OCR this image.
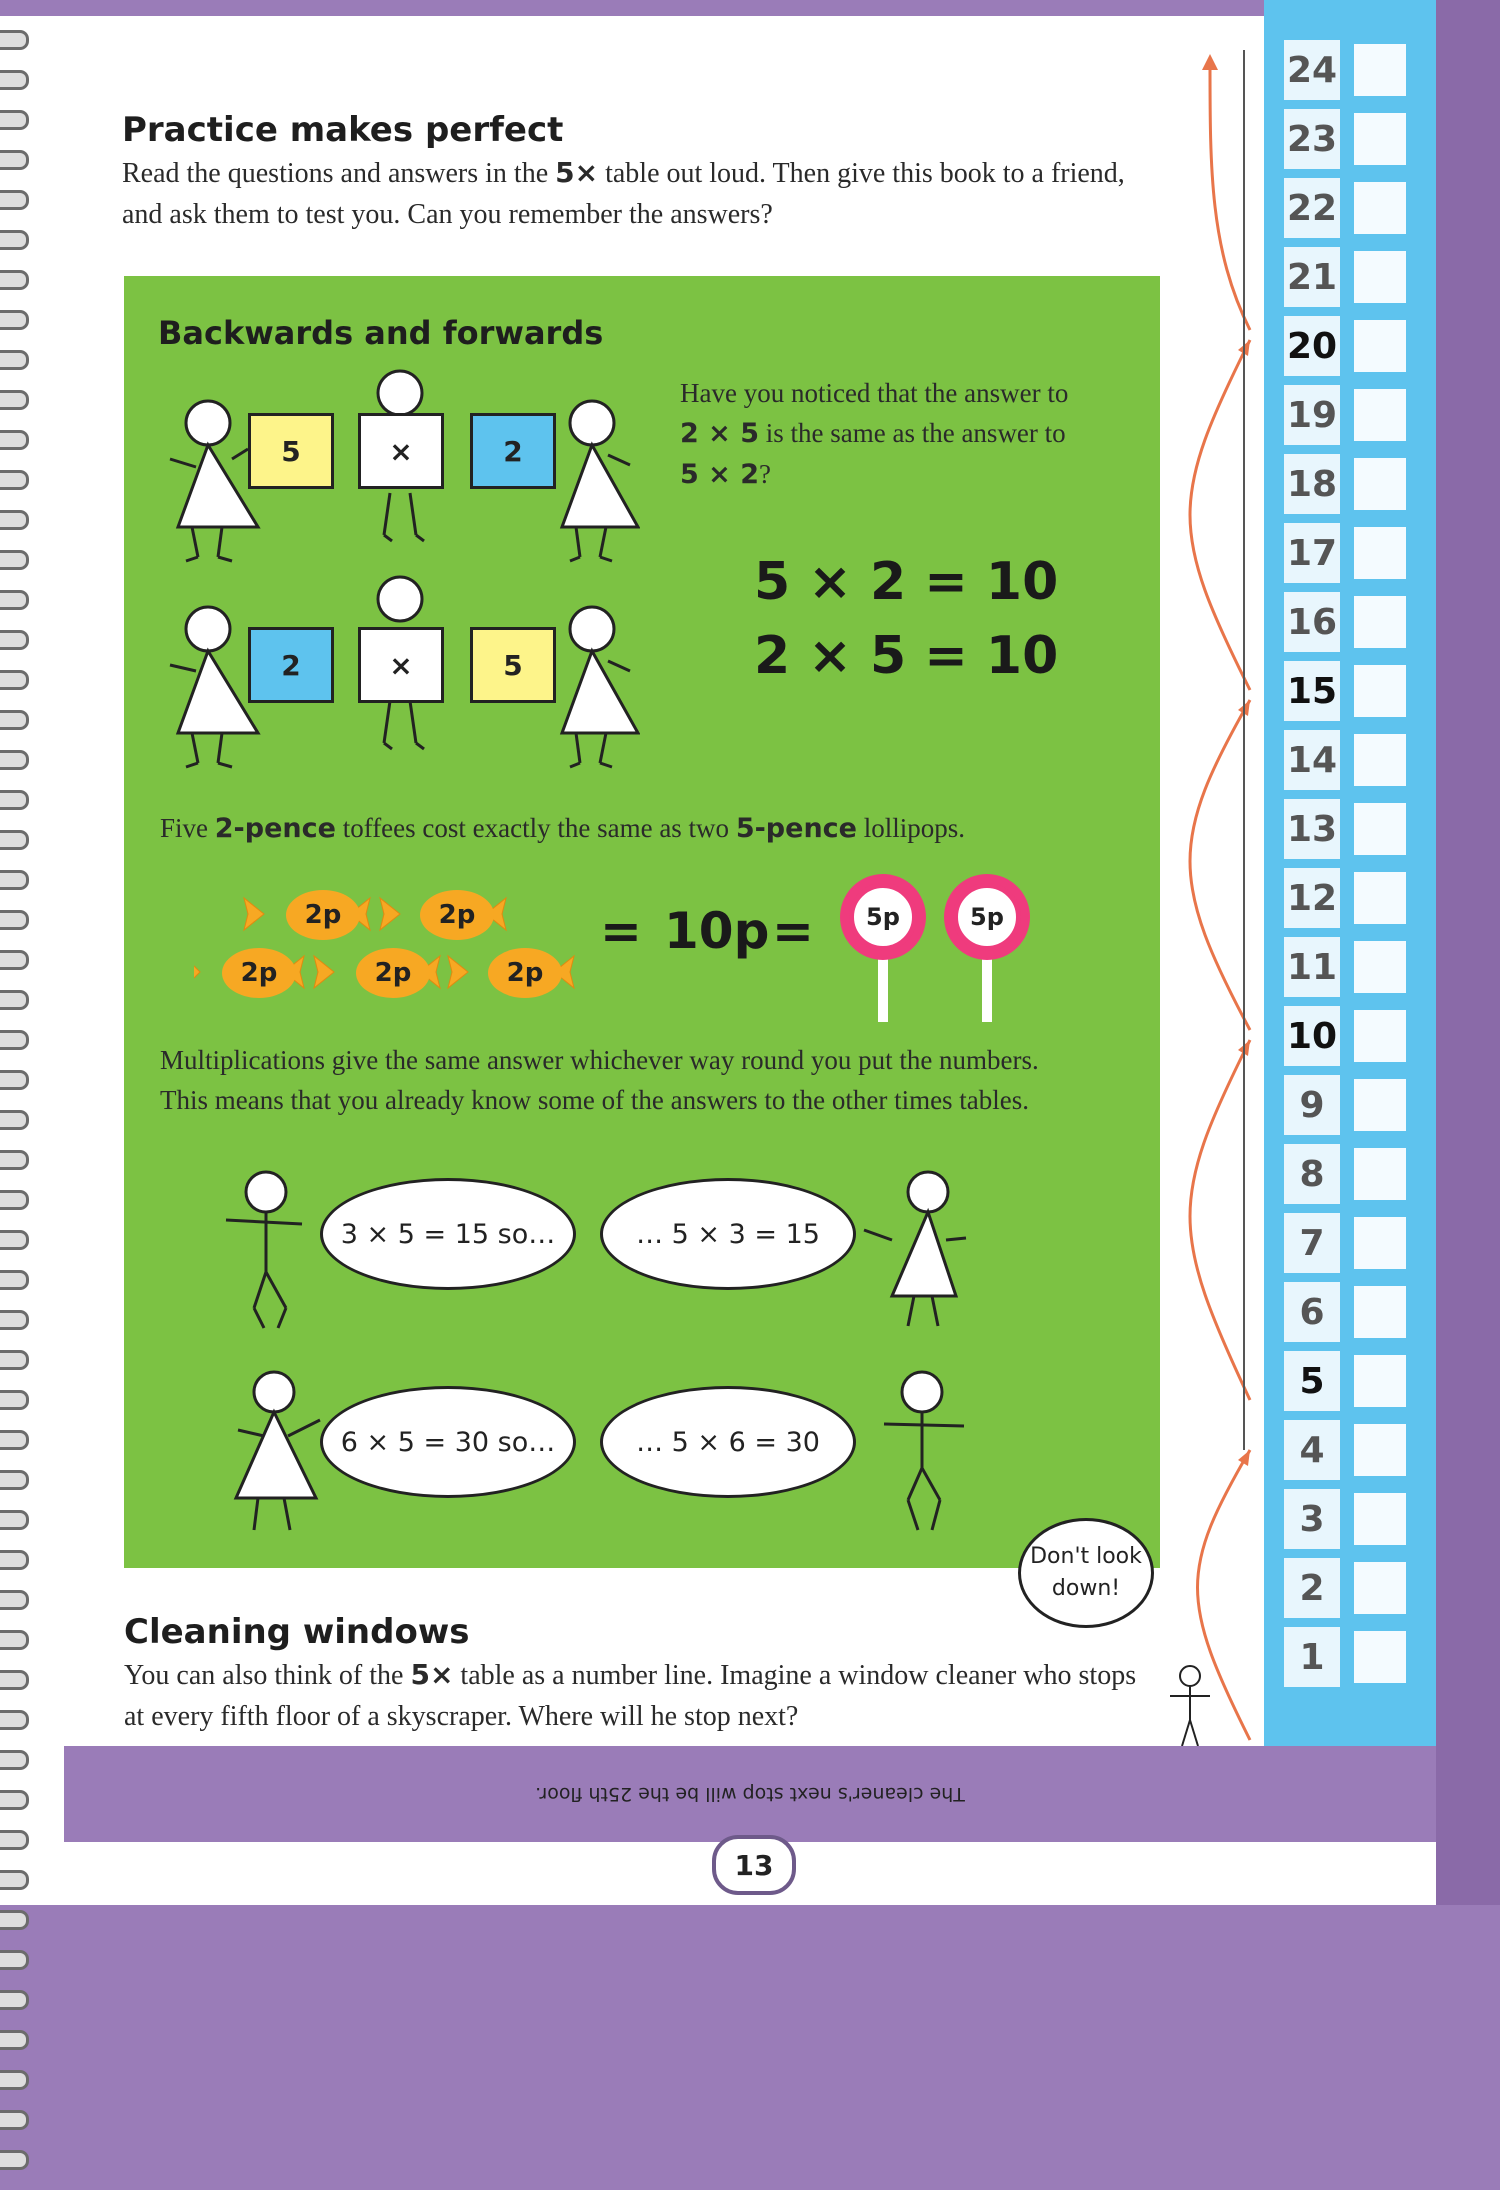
Practice makes perfect
Read the questions and answers in the 5× table out loud. Then give this book to a friend, and ask them to test you. Can you remember the answers?
Backwards and forwards
5	×	2
2	×	5
Have you noticed that the answer to 2 × 5 is the same as the answer to 5 × 2?
5 × 2 = 10
2 × 5 = 10
Five 2-pence toffees cost exactly the same as two 5-pence lollipops.
2p	2p
2p	2p	2p
= 10p =	5p	5p
Multiplications give the same answer whichever way round you put the numbers. This means that you already know some of the answers to the other times tables.
3 × 5 = 15 so…	… 5 × 3 = 15
6 × 5 = 30 so…	… 5 × 6 = 30
Cleaning windows
You can also think of the 5× table as a number line. Imagine a window cleaner who stops at every fifth floor of a skyscraper. Where will he stop next?
Don't look down!
The cleaner's next stop will be the 25th floor.
13
24
23
22
21
20
19
18
17
16
15
14
13
12
11
10
9
8
7
6
5
4
3
2
1
